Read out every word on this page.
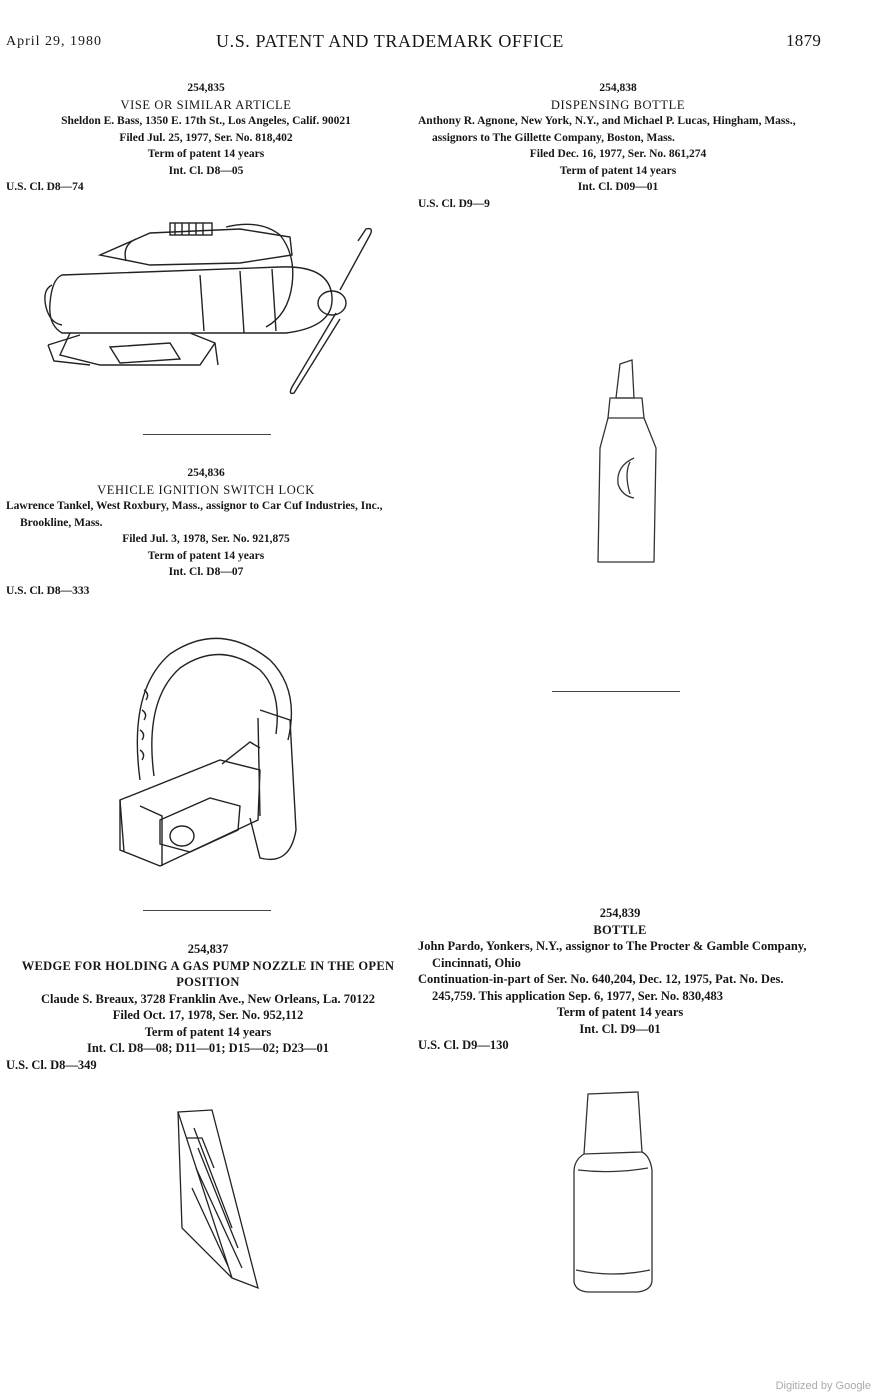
April 29, 1980	U.S. PATENT AND TRADEMARK OFFICE	1879
254,835
VISE OR SIMILAR ARTICLE
Sheldon E. Bass, 1350 E. 17th St., Los Angeles, Calif. 90021
Filed Jul. 25, 1977, Ser. No. 818,402
Term of patent 14 years
Int. Cl. D8—05
U.S. Cl. D8—74
254,836
VEHICLE IGNITION SWITCH LOCK
Lawrence Tankel, West Roxbury, Mass., assignor to Car Cuf Industries, Inc., Brookline, Mass.
Filed Jul. 3, 1978, Ser. No. 921,875
Term of patent 14 years
Int. Cl. D8—07
U.S. Cl. D8—333
254,837
WEDGE FOR HOLDING A GAS PUMP NOZZLE IN THE OPEN POSITION
Claude S. Breaux, 3728 Franklin Ave., New Orleans, La. 70122
Filed Oct. 17, 1978, Ser. No. 952,112
Term of patent 14 years
Int. Cl. D8—08; D11—01; D15—02; D23—01
U.S. Cl. D8—349
254,838
DISPENSING BOTTLE
Anthony R. Agnone, New York, N.Y., and Michael P. Lucas, Hingham, Mass., assignors to The Gillette Company, Boston, Mass.
Filed Dec. 16, 1977, Ser. No. 861,274
Term of patent 14 years
Int. Cl. D09—01
U.S. Cl. D9—9
254,839
BOTTLE
John Pardo, Yonkers, N.Y., assignor to The Procter & Gamble Company, Cincinnati, Ohio
Continuation-in-part of Ser. No. 640,204, Dec. 12, 1975, Pat. No. Des. 245,759. This application Sep. 6, 1977, Ser. No. 830,483
Term of patent 14 years
Int. Cl. D9—01
U.S. Cl. D9—130
Digitized by Google
